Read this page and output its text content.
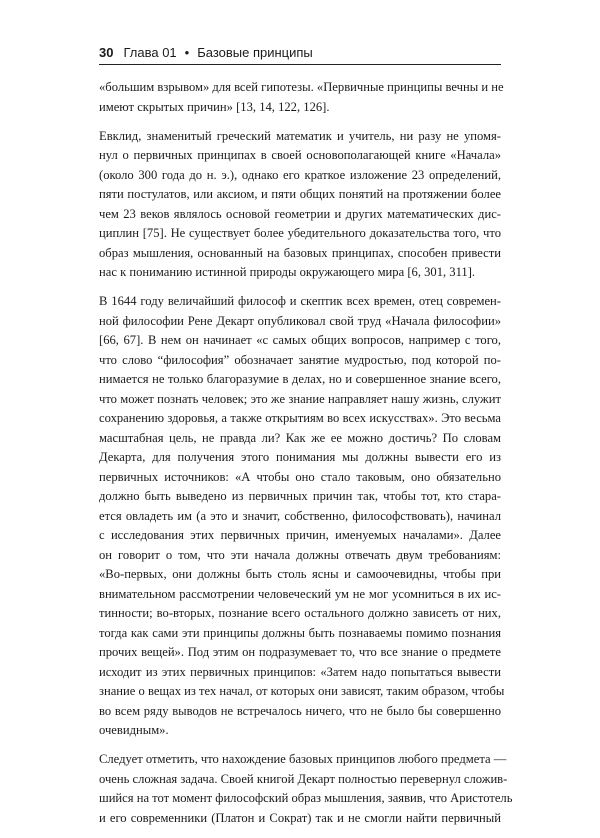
30 Глава 01 • Базовые принципы

«большим взрывом» для всей гипотезы. «Первичные принципы вечны и не
имеют скрытых причин» [13, 14, 122, 126].

Евклид, знаменитый греческий математик и учитель, ни разу не упомя-
нул о первичных принципах в своей основополагающей книге «Начала»
(около 300 года до н. э.), однако его краткое изложение 23 определений,
пяти постулатов, или аксиом, и пяти общих понятий на протяжении более
чем 23 веков являлось основой геометрии и других математических дис-
циплин [75]. Не существует более убедительного доказательства того, что
образ мышления, основанный на базовых принципах, способен привести
нас к пониманию истинной природы окружающего мира [6, 301, 311].

В 1644 году величайший философ и скептик всех времен, отец современ-
ной философии Рене Декарт опубликовал свой труд «Начала философии»
[66, 67]. В нем он начинает «с самых общих вопросов, например с того,
что слово “философия” обозначает занятие мудростью, под которой по-
нимается не только благоразумие в делах, но и совершенное знание всего,
что может познать человек; это же знание направляет нашу жизнь, служит
сохранению здоровья, а также открытиям во всех искусствах». Это весьма
масштабная цель, не правда ли? Как же ее можно достичь? По словам
Декарта, для получения этого понимания мы должны вывести его из
первичных источников: «А чтобы оно стало таковым, оно обязательно
должно быть выведено из первичных причин так, чтобы тот, кто стара-
ется овладеть им (а это и значит, собственно, философствовать), начинал
с исследования этих первичных причин, именуемых началами». Далее
он говорит о том, что эти начала должны отвечать двум требованиям:
«Во-первых, они должны быть столь ясны и самоочевидны, чтобы при
внимательном рассмотрении человеческий ум не мог усомниться в их ис-
тинности; во-вторых, познание всего остального должно зависеть от них,
тогда как сами эти принципы должны быть познаваемы помимо познания
прочих вещей». Под этим он подразумевает то, что все знание о предмете
исходит из этих первичных принципов: «Затем надо попытаться вывести
знание о вещах из тех начал, от которых они зависят, таким образом, чтобы
во всем ряду выводов не встречалось ничего, что не было бы совершенно
очевидным».

Следует отметить, что нахождение базовых принципов любого предмета —
очень сложная задача. Своей книгой Декарт полностью перевернул сложив-
шийся на тот момент философский образ мышления, заявив, что Аристотель
и его современники (Платон и Сократ) так и не смогли найти первичный
